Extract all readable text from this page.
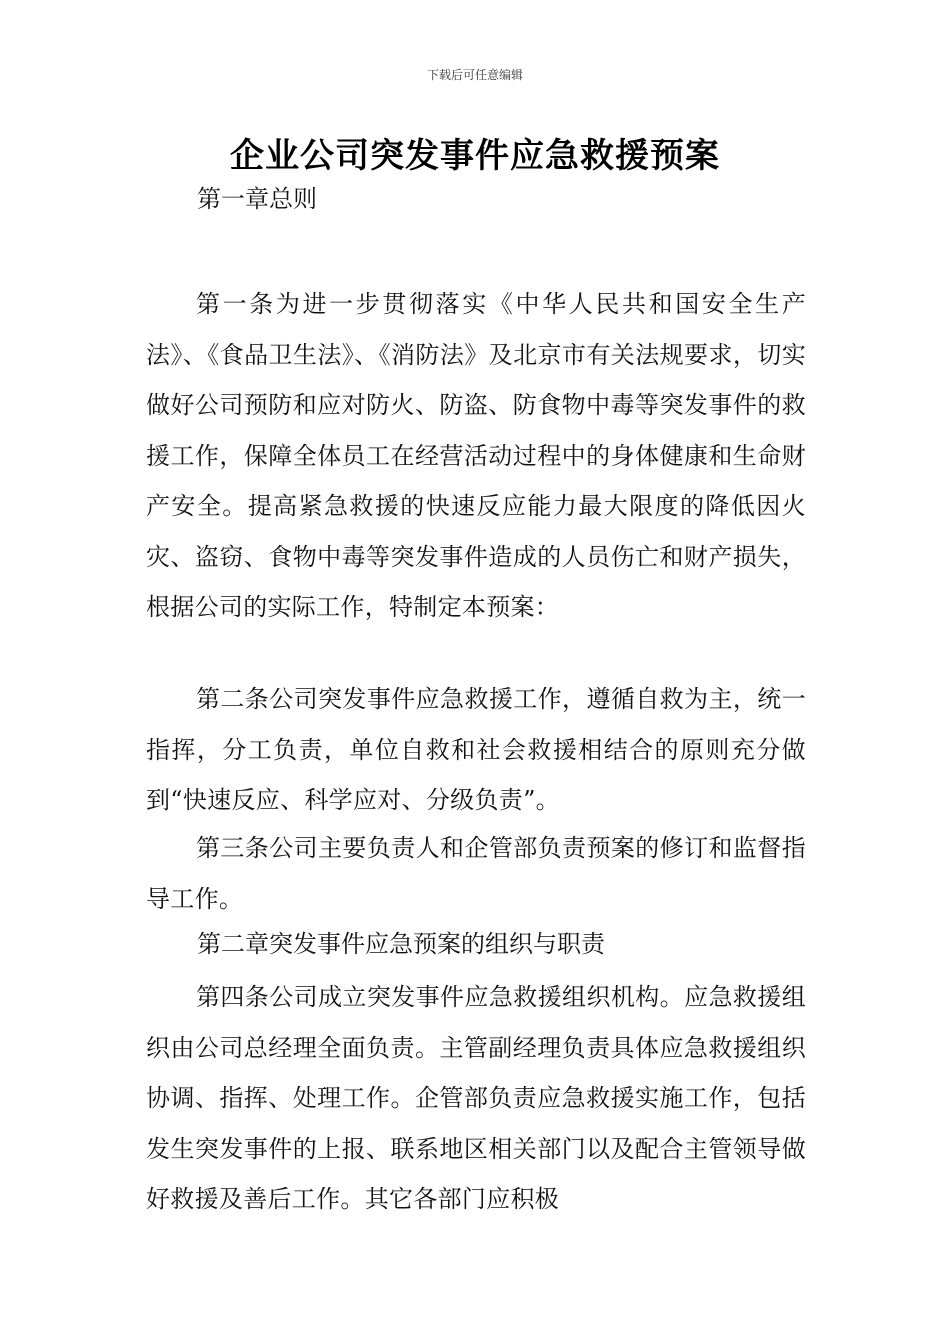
下载后可任意编辑
企业公司突发事件应急救援预案
第一章总则
第一条为进一步贯彻落实《中华人民共和国安全生产法》、《食品卫生法》、《消防法》及北京市有关法规要求，切实做好公司预防和应对防火、防盗、防食物中毒等突发事件的救援工作，保障全体员工在经营活动过程中的身体健康和生命财产安全。提高紧急救援的快速反应能力最大限度的降低因火灾、盗窃、食物中毒等突发事件造成的人员伤亡和财产损失，根据公司的实际工作，特制定本预案：
第二条公司突发事件应急救援工作，遵循自救为主，统一指挥，分工负责，单位自救和社会救援相结合的原则充分做到“快速反应、科学应对、分级负责”。
第三条公司主要负责人和企管部负责预案的修订和监督指导工作。
第二章突发事件应急预案的组织与职责
第四条公司成立突发事件应急救援组织机构。应急救援组织由公司总经理全面负责。主管副经理负责具体应急救援组织协调、指挥、处理工作。企管部负责应急救援实施工作，包括发生突发事件的上报、联系地区相关部门以及配合主管领导做好救援及善后工作。其它各部门应积极
